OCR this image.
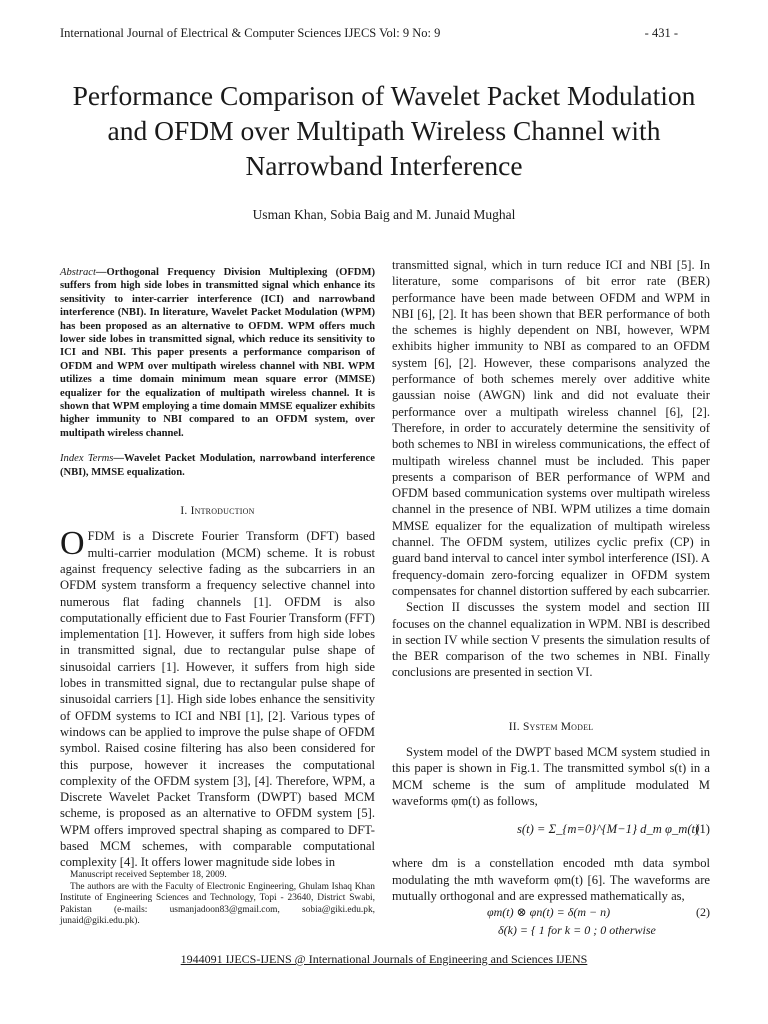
International Journal of Electrical & Computer Sciences IJECS Vol: 9 No: 9	- 431 -
Performance Comparison of Wavelet Packet Modulation and OFDM over Multipath Wireless Channel with Narrowband Interference
Usman Khan, Sobia Baig and M. Junaid Mughal

Abstract—Orthogonal Frequency Division Multiplexing (OFDM) suffers from high side lobes in transmitted signal which enhance its sensitivity to inter-carrier interference (ICI) and narrowband interference (NBI). In literature, Wavelet Packet Modulation (WPM) has been proposed as an alternative to OFDM. WPM offers much lower side lobes in transmitted signal, which reduce its sensitivity to ICI and NBI. This paper presents a performance comparison of OFDM and WPM over multipath wireless channel with NBI. WPM utilizes a time domain minimum mean square error (MMSE) equalizer for the equalization of multipath wireless channel. It is shown that WPM employing a time domain MMSE equalizer exhibits higher immunity to NBI compared to an OFDM system, over multipath wireless channel.

Index Terms—Wavelet Packet Modulation, narrowband interference (NBI), MMSE equalization.

I. Introduction

OFDM is a Discrete Fourier Transform (DFT) based multi-carrier modulation (MCM) scheme. It is robust against frequency selective fading as the subcarriers in an OFDM system transform a frequency selective channel into numerous flat fading channels [1]. OFDM is also computationally efficient due to Fast Fourier Transform (FFT) implementation [1]. However, it suffers from high side lobes in transmitted signal, due to rectangular pulse shape of sinusoidal carriers [1]. However, it suffers from high side lobes in transmitted signal, due to rectangular pulse shape of sinusoidal carriers [1]. High side lobes enhance the sensitivity of OFDM systems to ICI and NBI [1], [2]. Various types of windows can be applied to improve the pulse shape of OFDM symbol. Raised cosine filtering has also been considered for this purpose, however it increases the computational complexity of the OFDM system [3], [4]. Therefore, WPM, a Discrete Wavelet Packet Transform (DWPT) based MCM scheme, is proposed as an alternative to OFDM system [5]. WPM offers improved spectral shaping as compared to DFT-based MCM schemes, with comparable computational complexity [4]. It offers lower magnitude side lobes in

transmitted signal, which in turn reduce ICI and NBI [5]. In literature, some comparisons of bit error rate (BER) performance have been made between OFDM and WPM in NBI [6], [2]. It has been shown that BER performance of both the schemes is highly dependent on NBI, however, WPM exhibits higher immunity to NBI as compared to an OFDM system [6], [2]. However, these comparisons analyzed the performance of both schemes merely over additive white gaussian noise (AWGN) link and did not evaluate their performance over a multipath wireless channel [6], [2]. Therefore, in order to accurately determine the sensitivity of both schemes to NBI in wireless communications, the effect of multipath wireless channel must be included. This paper presents a comparison of BER performance of WPM and OFDM based communication systems over multipath wireless channel in the presence of NBI. WPM utilizes a time domain MMSE equalizer for the equalization of multipath wireless channel. The OFDM system, utilizes cyclic prefix (CP) in guard band interval to cancel inter symbol interference (ISI). A frequency-domain zero-forcing equalizer in OFDM system compensates for channel distortion suffered by each subcarrier.

Section II discusses the system model and section III focuses on the channel equalization in WPM. NBI is described in section IV while section V presents the simulation results of the BER comparison of the two schemes in NBI. Finally conclusions are presented in section VI.

II. System Model

System model of the DWPT based MCM system studied in this paper is shown in Fig.1. The transmitted symbol s(t) in a MCM scheme is the sum of amplitude modulated M waveforms φm(t) as follows,

s(t) = Σ_{m=0}^{M−1} d_m φ_m(t)
(1)

where dm is a constellation encoded mth data symbol modulating the mth waveform φm(t) [6]. The waveforms are mutually orthogonal and are expressed mathematically as,

φm(t) ⊗ φn(t) = δ(m − n)	(2)
δ(k) = { 1 for k = 0 ; 0 otherwise

Manuscript received September 18, 2009.

The authors are with the Faculty of Electronic Engineering, Ghulam Ishaq Khan Institute of Engineering Sciences and Technology, Topi - 23640, District Swabi, Pakistan (e-mails: usmanjadoon83@gmail.com, sobia@giki.edu.pk, junaid@giki.edu.pk).

1944091 IJECS-IJENS @ International Journals of Engineering and Sciences IJENS
